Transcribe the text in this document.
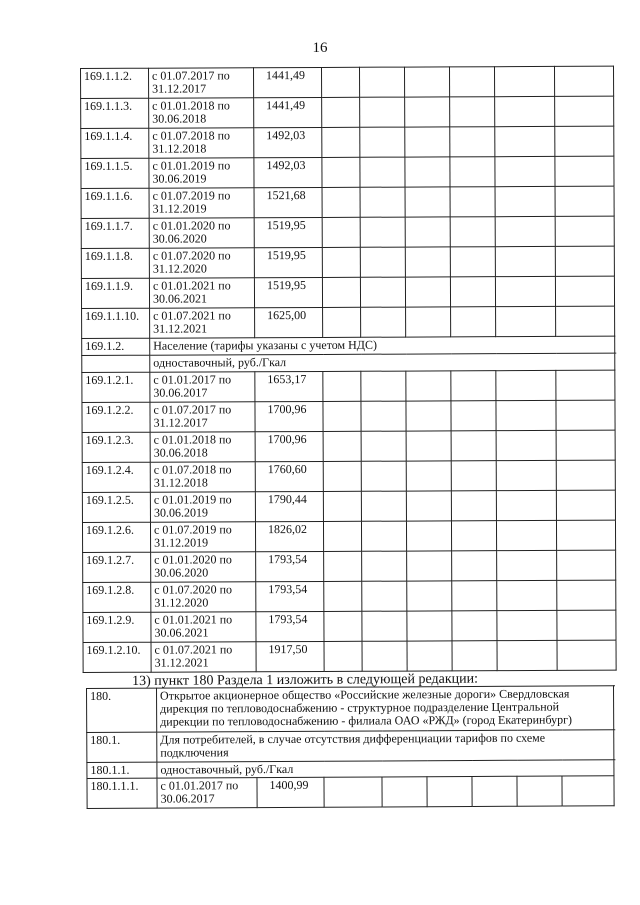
16
169.1.1.2.	с 01.07.2017 по 31.12.2017	1441,49						
169.1.1.3.	с 01.01.2018 по 30.06.2018	1441,49						
169.1.1.4.	с 01.07.2018 по 31.12.2018	1492,03						
169.1.1.5.	с 01.01.2019 по 30.06.2019	1492,03						
169.1.1.6.	с 01.07.2019 по 31.12.2019	1521,68						
169.1.1.7.	с 01.01.2020 по 30.06.2020	1519,95						
169.1.1.8.	с 01.07.2020 по 31.12.2020	1519,95						
169.1.1.9.	с 01.01.2021 по 30.06.2021	1519,95						
169.1.1.10.	с 01.07.2021 по 31.12.2021	1625,00						
169.1.2.	Население (тарифы указаны с учетом НДС)							
	одноставочный, руб./Гкал							
169.1.2.1.	с 01.01.2017 по 30.06.2017	1653,17						
169.1.2.2.	с 01.07.2017 по 31.12.2017	1700,96						
169.1.2.3.	с 01.01.2018 по 30.06.2018	1700,96						
169.1.2.4.	с 01.07.2018 по 31.12.2018	1760,60						
169.1.2.5.	с 01.01.2019 по 30.06.2019	1790,44						
169.1.2.6.	с 01.07.2019 по 31.12.2019	1826,02						
169.1.2.7.	с 01.01.2020 по 30.06.2020	1793,54						
169.1.2.8.	с 01.07.2020 по 31.12.2020	1793,54						
169.1.2.9.	с 01.01.2021 по 30.06.2021	1793,54						
169.1.2.10.	с 01.07.2021 по 31.12.2021	1917,50						
13) пункт 180 Раздела 1 изложить в следующей редакции:
180.	Открытое акционерное общество «Российские железные дороги» Свердловская дирекция по тепловодоснабжению - структурное подразделение Центральной дирекции по тепловодоснабжению - филиала ОАО «РЖД» (город Екатеринбург)							
180.1.	Для потребителей, в случае отсутствия дифференциации тарифов по схеме подключения							
180.1.1.	одноставочный, руб./Гкал							
180.1.1.1.	с 01.01.2017 по 30.06.2017	1400,99						
